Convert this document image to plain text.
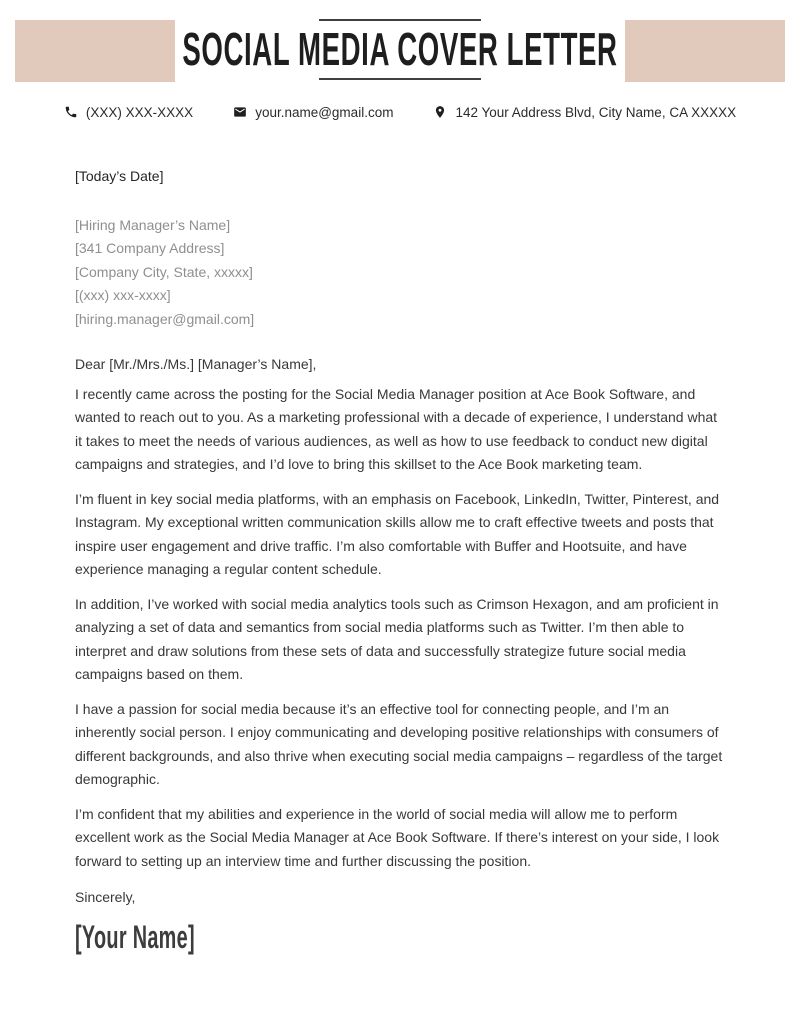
SOCIAL MEDIA COVER LETTER
(XXX) XXX-XXXX	your.name@gmail.com	142 Your Address Blvd, City Name, CA XXXXX

[Today’s Date]

[Hiring Manager’s Name]
[341 Company Address]
[Company City, State, xxxxx]
[(xxx) xxx-xxxx]
[hiring.manager@gmail.com]

Dear [Mr./Mrs./Ms.] [Manager’s Name],

I recently came across the posting for the Social Media Manager position at Ace Book Software, and wanted to reach out to you. As a marketing professional with a decade of experience, I understand what it takes to meet the needs of various audiences, as well as how to use feedback to conduct new digital campaigns and strategies, and I’d love to bring this skillset to the Ace Book marketing team.

I’m fluent in key social media platforms, with an emphasis on Facebook, LinkedIn, Twitter, Pinterest, and Instagram. My exceptional written communication skills allow me to craft effective tweets and posts that inspire user engagement and drive traffic. I’m also comfortable with Buffer and Hootsuite, and have experience managing a regular content schedule.

In addition, I’ve worked with social media analytics tools such as Crimson Hexagon, and am proficient in analyzing a set of data and semantics from social media platforms such as Twitter. I’m then able to interpret and draw solutions from these sets of data and successfully strategize future social media campaigns based on them.

I have a passion for social media because it’s an effective tool for connecting people, and I’m an inherently social person. I enjoy communicating and developing positive relationships with consumers of different backgrounds, and also thrive when executing social media campaigns – regardless of the target demographic.

I’m confident that my abilities and experience in the world of social media will allow me to perform excellent work as the Social Media Manager at Ace Book Software. If there’s interest on your side, I look forward to setting up an interview time and further discussing the position.

Sincerely,

[Your Name]
